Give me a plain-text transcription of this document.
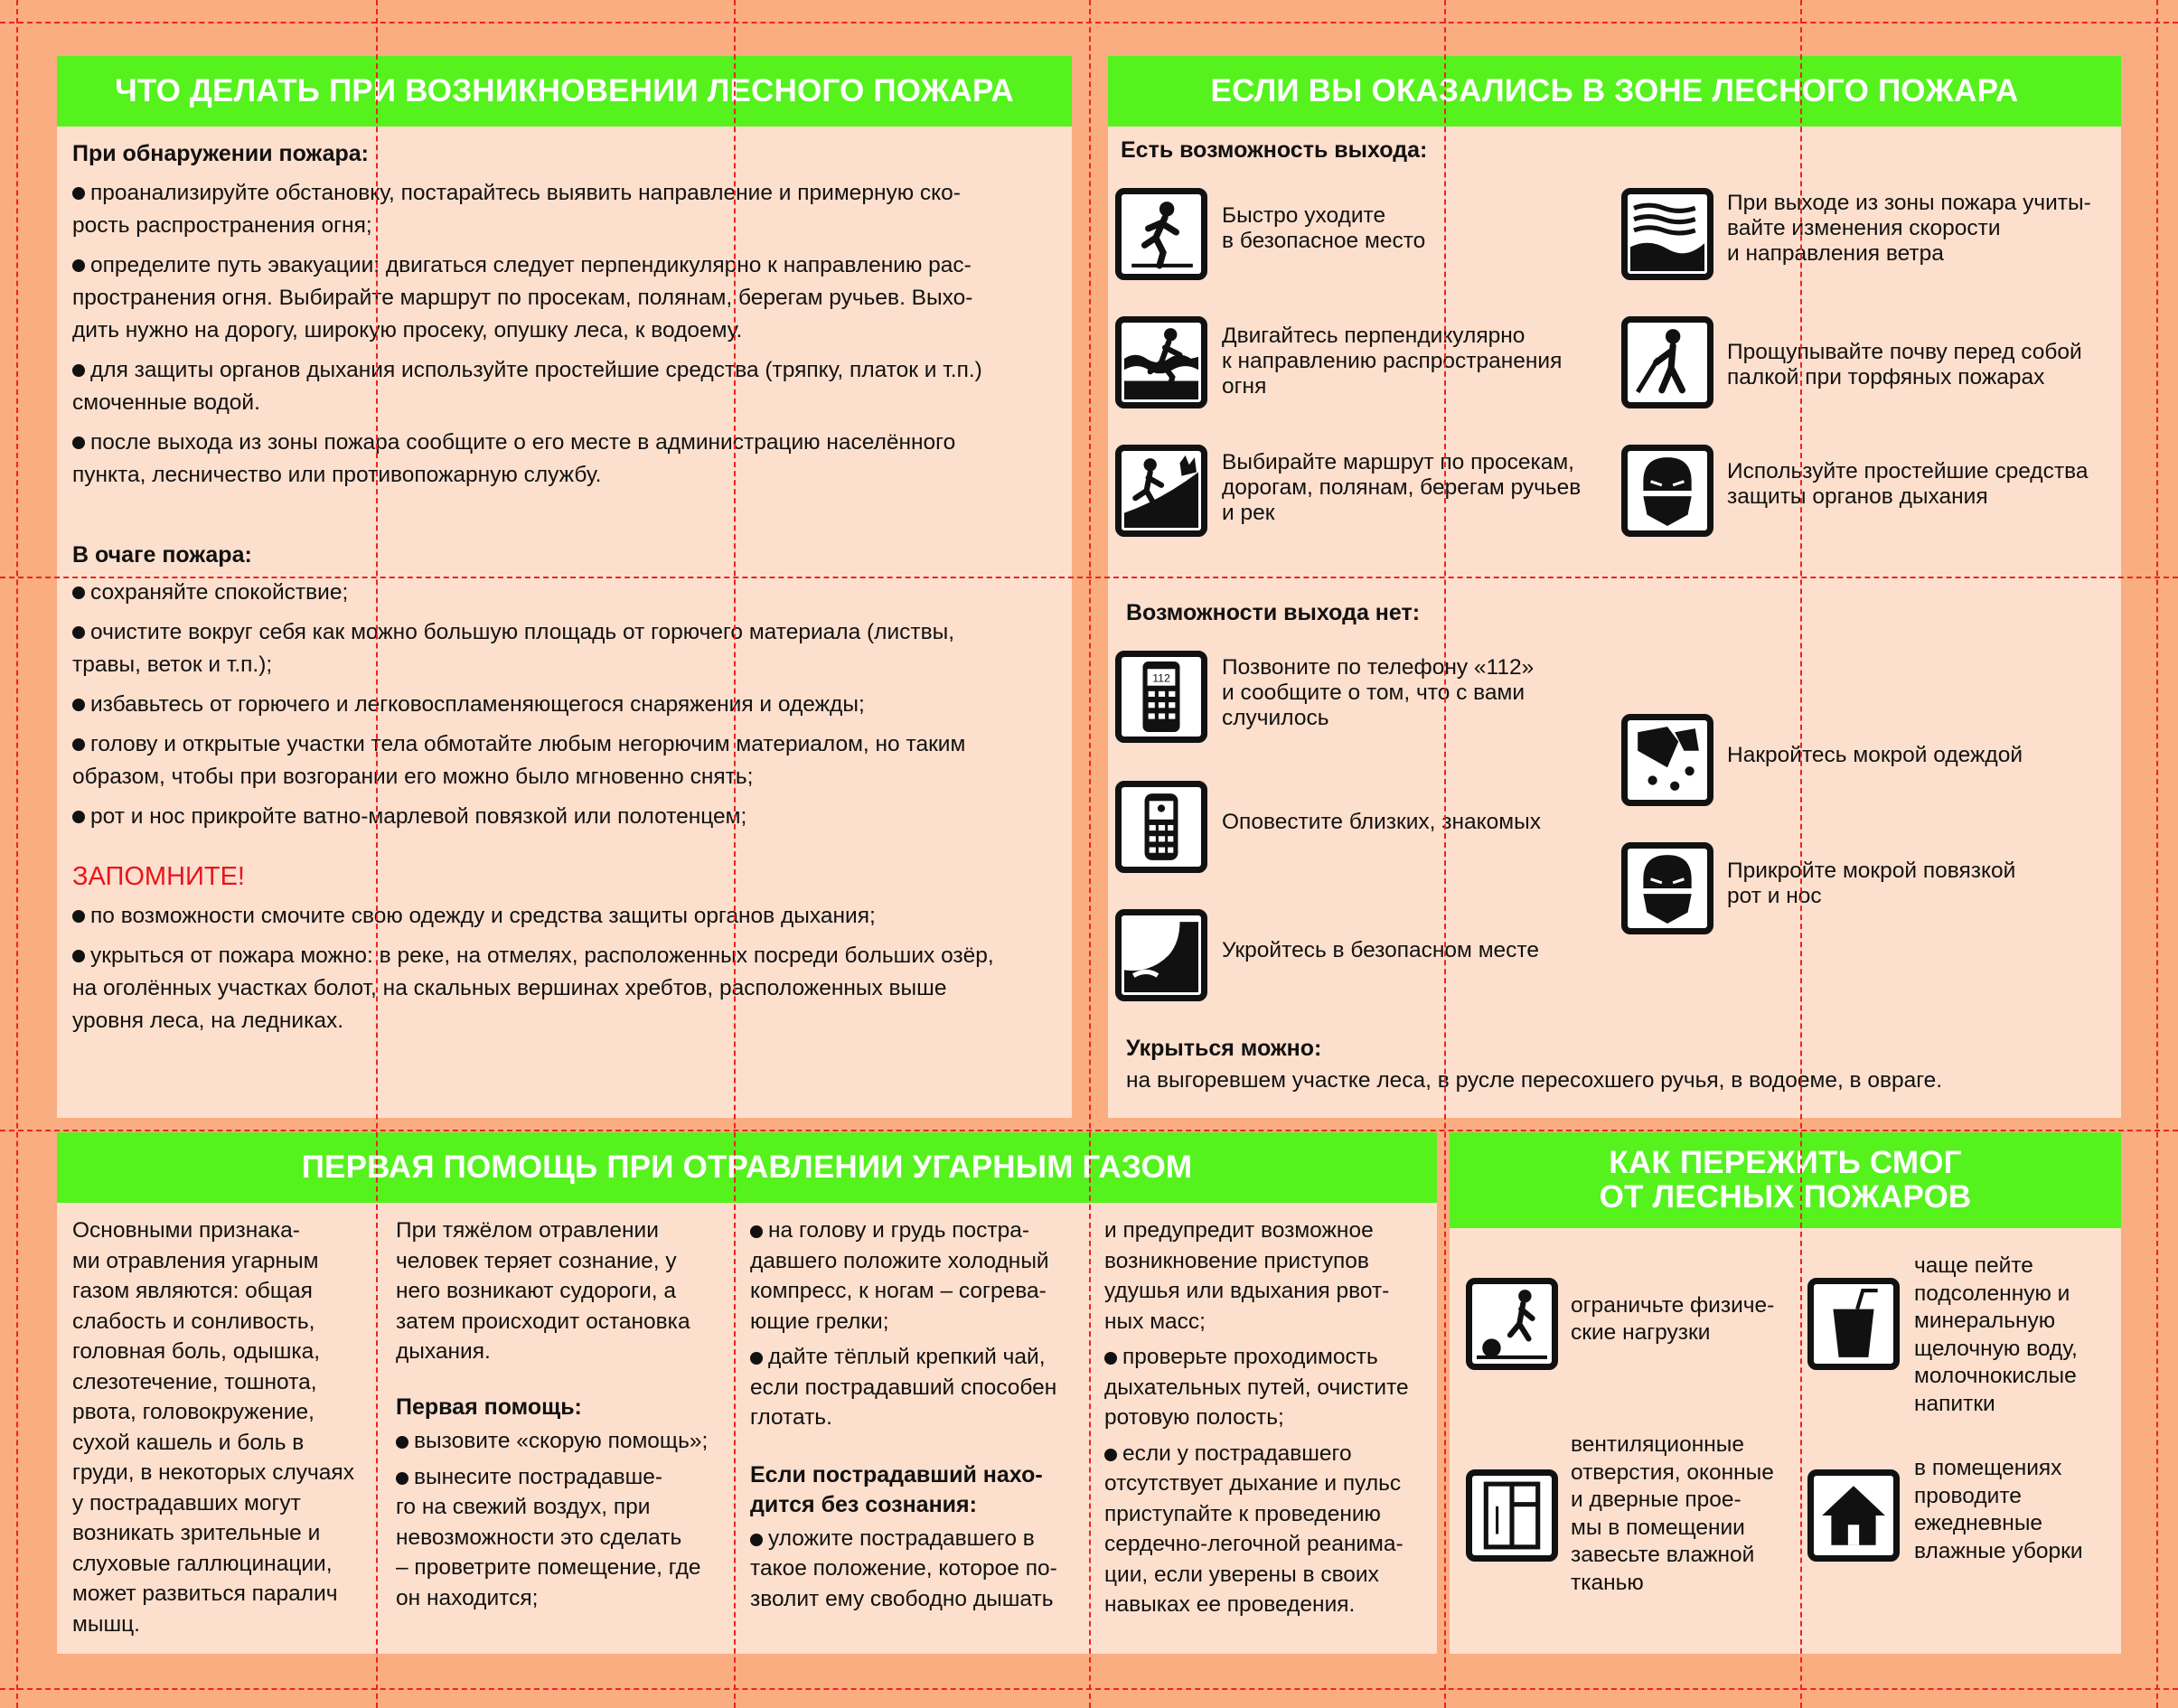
ЧТО ДЕЛАТЬ ПРИ ВОЗНИКНОВЕНИИ ЛЕСНОГО ПОЖАРА
При обнаружении пожара:
проанализируйте обстановку, постарайтесь выявить направление и примерную ско-
рость распространения огня;
определите путь эвакуации: двигаться следует перпендикулярно к направлению рас-
пространения огня. Выбирайте маршрут по просекам, полянам, берегам ручьев. Выхо-
дить нужно на дорогу, широкую просеку, опушку леса, к водоему.
для защиты органов дыхания используйте простейшие средства (тряпку, платок и т.п.)
смоченные водой.
после выхода из зоны пожара сообщите о его месте в администрацию населённого
пункта, лесничество или противопожарную службу.
В очаге пожара:
сохраняйте спокойствие;
очистите вокруг себя как можно большую площадь от горючего материала (листвы,
травы, веток и т.п.);
избавьтесь от горючего и легковоспламеняющегося снаряжения и одежды;
голову и открытые участки тела обмотайте любым негорючим материалом, но таким
образом, чтобы при возгорании его можно было мгновенно снять;
рот и нос прикройте ватно-марлевой повязкой или полотенцем;
ЗАПОМНИТЕ!
по возможности смочите свою одежду и средства защиты органов дыхания;
укрыться от пожара можно: в реке, на отмелях, расположенных посреди больших озёр,
на оголённых участках болот, на скальных вершинах хребтов, расположенных выше
уровня леса, на ледниках.
ЕСЛИ ВЫ ОКАЗАЛИСЬ В ЗОНЕ ЛЕСНОГО ПОЖАРА
Есть возможность выхода:
Быстро уходите
в безопасное место
Двигайтесь перпендикулярно
к направлению распространения
огня
Выбирайте маршрут по просекам,
дорогам, полянам, берегам ручьев
и рек
При выходе из зоны пожара учиты-
вайте изменения скорости
и направления ветра
Прощупывайте почву перед собой
палкой при торфяных пожарах
Используйте простейшие средства
защиты органов дыхания
Возможности выхода нет:
112 Позвоните по телефону «112»
и сообщите о том, что с вами
случилось
Оповестите близких, знакомых
Укройтесь в безопасном месте
Накройтесь мокрой одеждой
Прикройте мокрой повязкой
рот и нос
Укрыться можно:
на выгоревшем участке леса, в русле пересохшего ручья, в водоеме, в овраге.
ПЕРВАЯ ПОМОЩЬ ПРИ ОТРАВЛЕНИИ УГАРНЫМ ГАЗОМ
Основными признака-
ми отравления угарным
газом являются: общая
слабость и сонливость,
головная боль, одышка,
слезотечение, тошнота,
рвота, головокружение,
сухой кашель и боль в
груди, в некоторых случаях
у пострадавших могут
возникать зрительные и
слуховые галлюцинации,
может развиться паралич
мышц.
При тяжёлом отравлении
человек теряет сознание, у
него возникают судороги, а
затем происходит остановка
дыхания.
Первая помощь:
вызовите «скорую помощь»;
вынесите пострадавше-
го на свежий воздух, при
невозможности это сделать
– проветрите помещение, где
он находится;
на голову и грудь постра-
давшего положите холодный
компресс, к ногам – согрева-
ющие грелки;
дайте тёплый крепкий чай,
если пострадавший способен
глотать.
Если пострадавший нахо-
дится без сознания:
уложите пострадавшего в
такое положение, которое по-
зволит ему свободно дышать
и предупредит возможное
возникновение приступов
удушья или вдыхания рвот-
ных масс;
проверьте проходимость
дыхательных путей, очистите
ротовую полость;
если у пострадавшего
отсутствует дыхание и пульс
приступайте к проведению
сердечно-легочной реанима-
ции, если уверены в своих
навыках ее проведения.
КАК ПЕРЕЖИТЬ СМОГ
ОТ ЛЕСНЫХ ПОЖАРОВ
ограничьте физиче-
ские нагрузки
чаще пейте
подсоленную и
минеральную
щелочную воду,
молочнокислые
напитки
вентиляционные
отверстия, оконные
и дверные прое-
мы в помещении
завесьте влажной
тканью
в помещениях
проводите
ежедневные
влажные уборки
